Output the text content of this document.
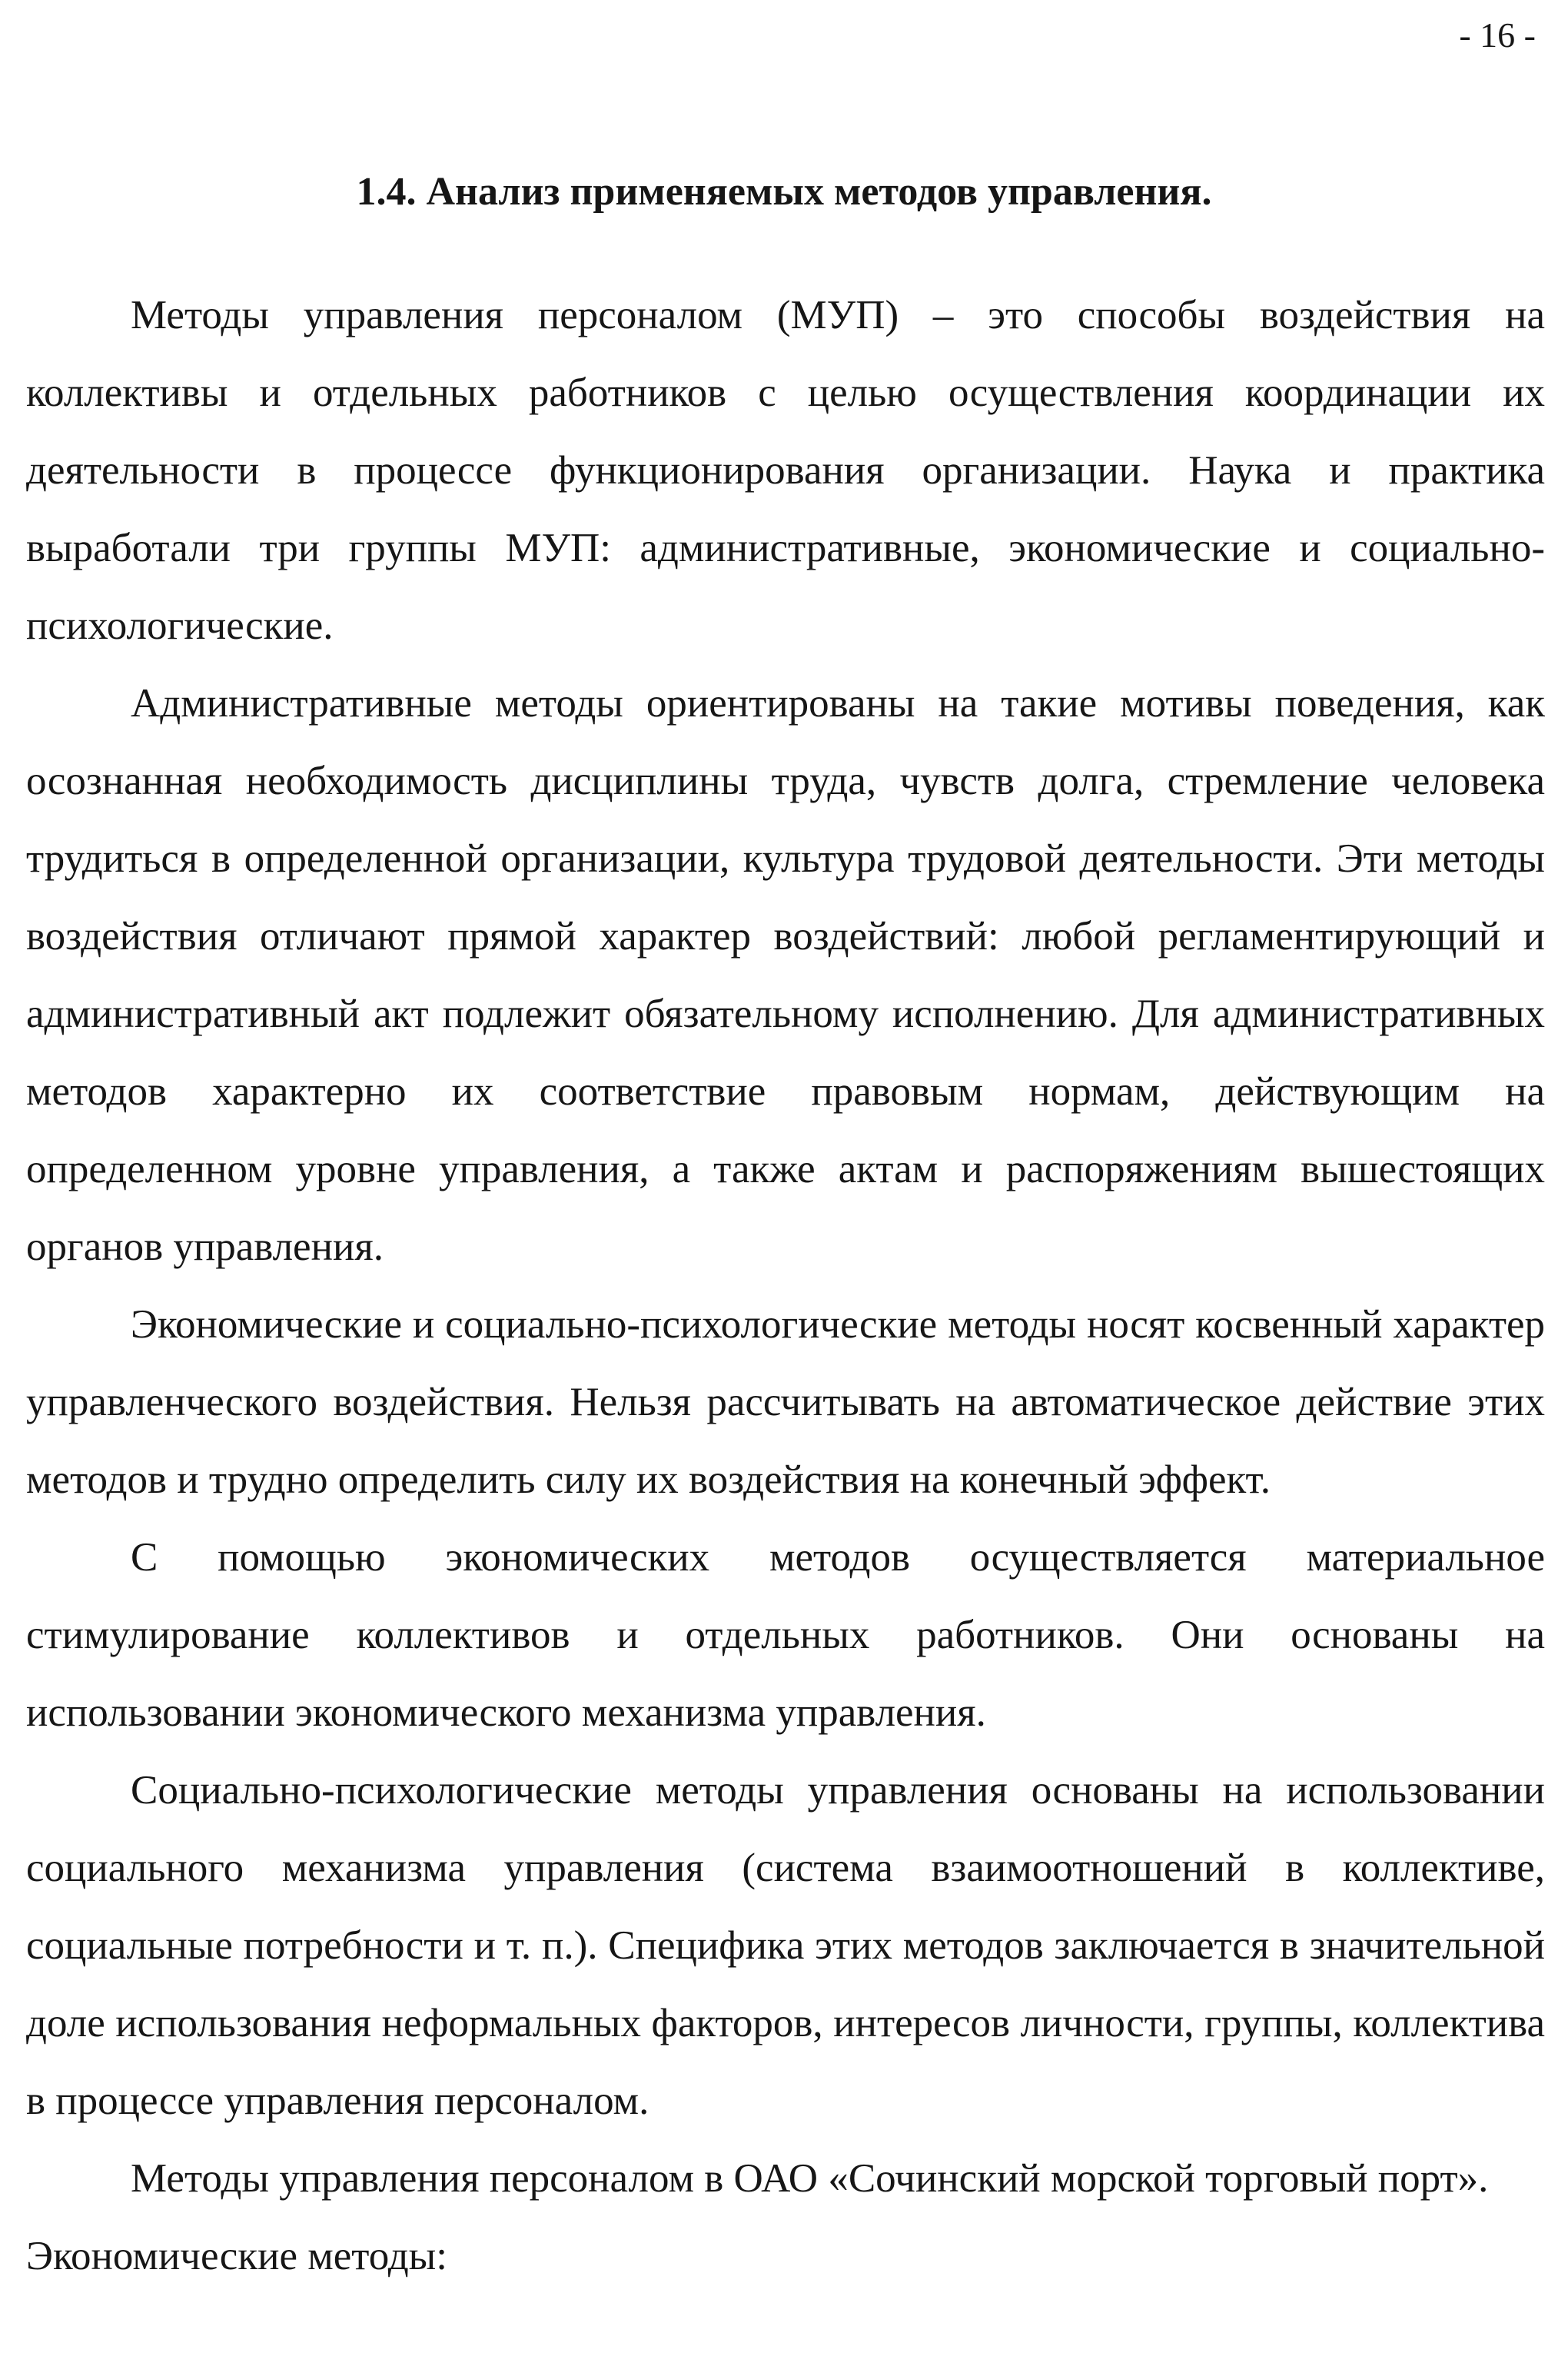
- 16 -
1.4. Анализ применяемых методов управления.

Методы управления персоналом (МУП) – это способы воздействия на коллективы и отдельных работников с целью осуществления координации их деятельности в процессе функционирования организации. Наука и практика выработали три группы МУП: административные, экономические и социально-психологические.

Административные методы ориентированы на такие мотивы поведения, как осознанная необходимость дисциплины труда, чувств долга, стремление человека трудиться в определенной организации, культура трудовой деятельности. Эти методы воздействия отличают прямой характер воздействий: любой регламентирующий и административный акт подлежит обязательному исполнению. Для административных методов характерно их соответствие правовым нормам, действующим на определенном уровне управления, а также актам и распоряжениям вышестоящих органов управления.

Экономические и социально-психологические методы носят косвенный характер управленческого воздействия. Нельзя рассчитывать на автоматическое действие этих методов и трудно определить силу их воздействия на конечный эффект.

С помощью экономических методов осуществляется материальное стимулирование коллективов и отдельных работников. Они основаны на использовании экономического механизма управления.

Социально-психологические методы управления основаны на использовании социального механизма управления (система взаимоотношений в коллективе, социальные потребности и т. п.). Специфика этих методов заключается в значительной доле использования неформальных факторов, интересов личности, группы, коллектива в процессе управления персоналом.

Методы управления персоналом в ОАО «Сочинский морской торговый порт». Экономические методы:
